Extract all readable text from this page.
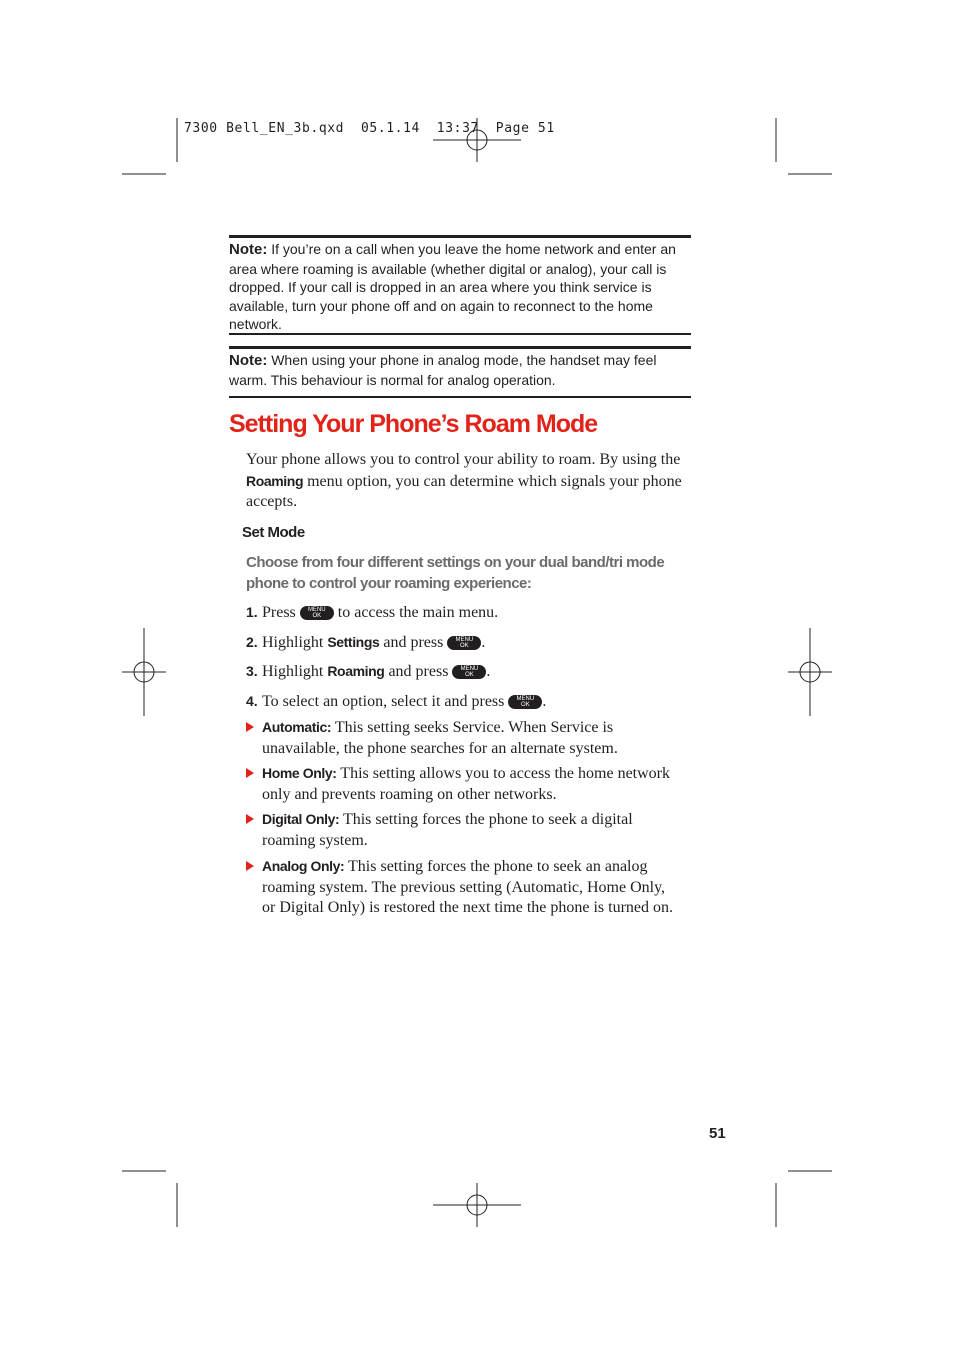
7300 Bell_EN_3b.qxd  05.1.14  13:37  Page 51
Note: If you’re on a call when you leave the home network and enter an area where roaming is available (whether digital or analog), your call is dropped. If your call is dropped in an area where you think service is available, turn your phone off and on again to reconnect to the home network.
Note: When using your phone in analog mode, the handset may feel warm. This behaviour is normal for analog operation.
Setting Your Phone’s Roam Mode
Your phone allows you to control your ability to roam. By using the Roaming menu option, you can determine which signals your phone accepts.
Set Mode
Choose from four different settings on your dual band/tri mode phone to control your roaming experience:
1. Press	MENU
OK to access the main menu.
2. Highlight Settings and press	MENU
OK .
3. Highlight Roaming and press	MENU
OK .
4. To select an option, select it and press	MENU
OK .
Automatic: This setting seeks Service. When Service is unavailable, the phone searches for an alternate system.
Home Only: This setting allows you to access the home network only and prevents roaming on other networks.
Digital Only: This setting forces the phone to seek a digital roaming system.
Analog Only: This setting forces the phone to seek an analog roaming system. The previous setting (Automatic, Home Only, or Digital Only) is restored the next time the phone is turned on.
51
